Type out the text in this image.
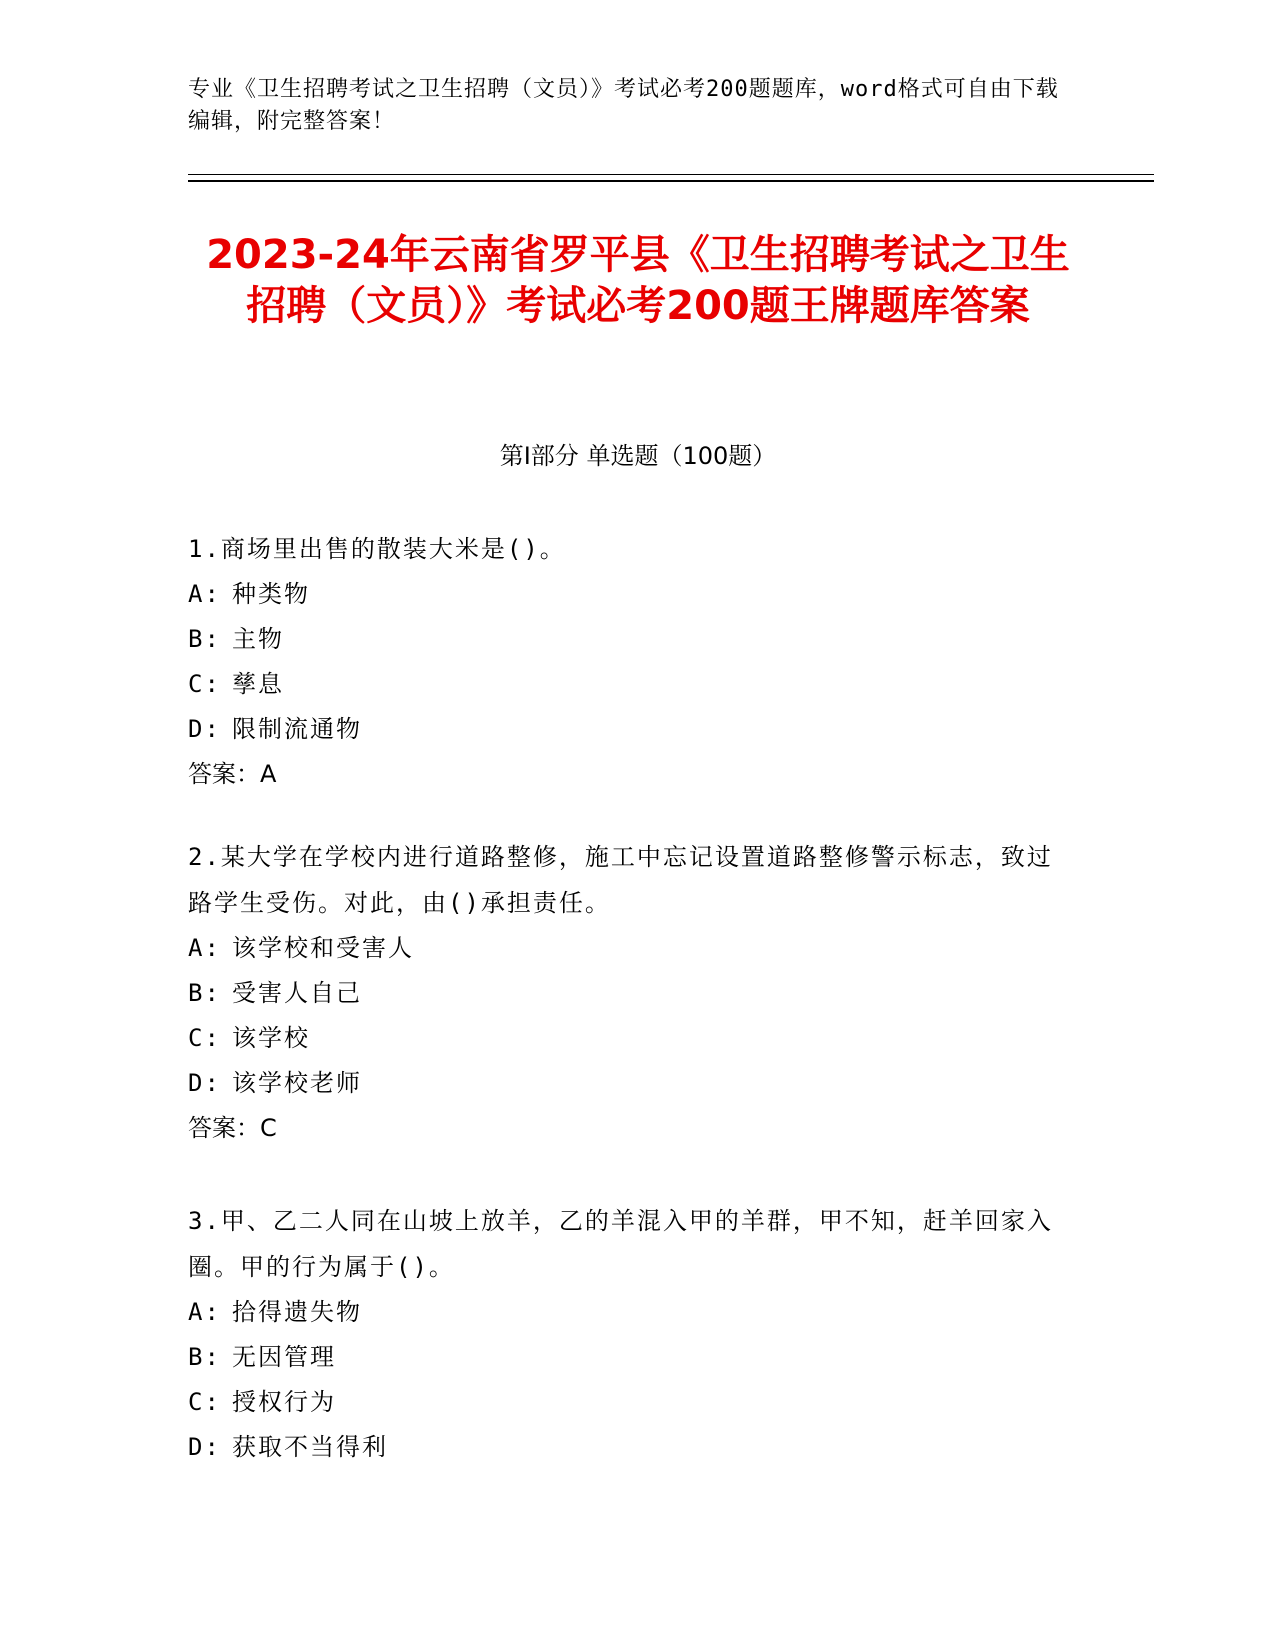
专业《卫生招聘考试之卫生招聘（文员）》考试必考200题题库，word格式可自由下载编辑，附完整答案！
2023-24年云南省罗平县《卫生招聘考试之卫生招聘（文员）》考试必考200题王牌题库答案
第Ⅰ部分 单选题（100题）
1.商场里出售的散装大米是()。
A: 种类物
B: 主物
C: 孳息
D: 限制流通物
答案：A
2.某大学在学校内进行道路整修，施工中忘记设置道路整修警示标志，致过路学生受伤。对此，由()承担责任。
A: 该学校和受害人
B: 受害人自己
C: 该学校
D: 该学校老师
答案：C
3.甲、乙二人同在山坡上放羊，乙的羊混入甲的羊群，甲不知，赶羊回家入圈。甲的行为属于()。
A: 拾得遗失物
B: 无因管理
C: 授权行为
D: 获取不当得利
